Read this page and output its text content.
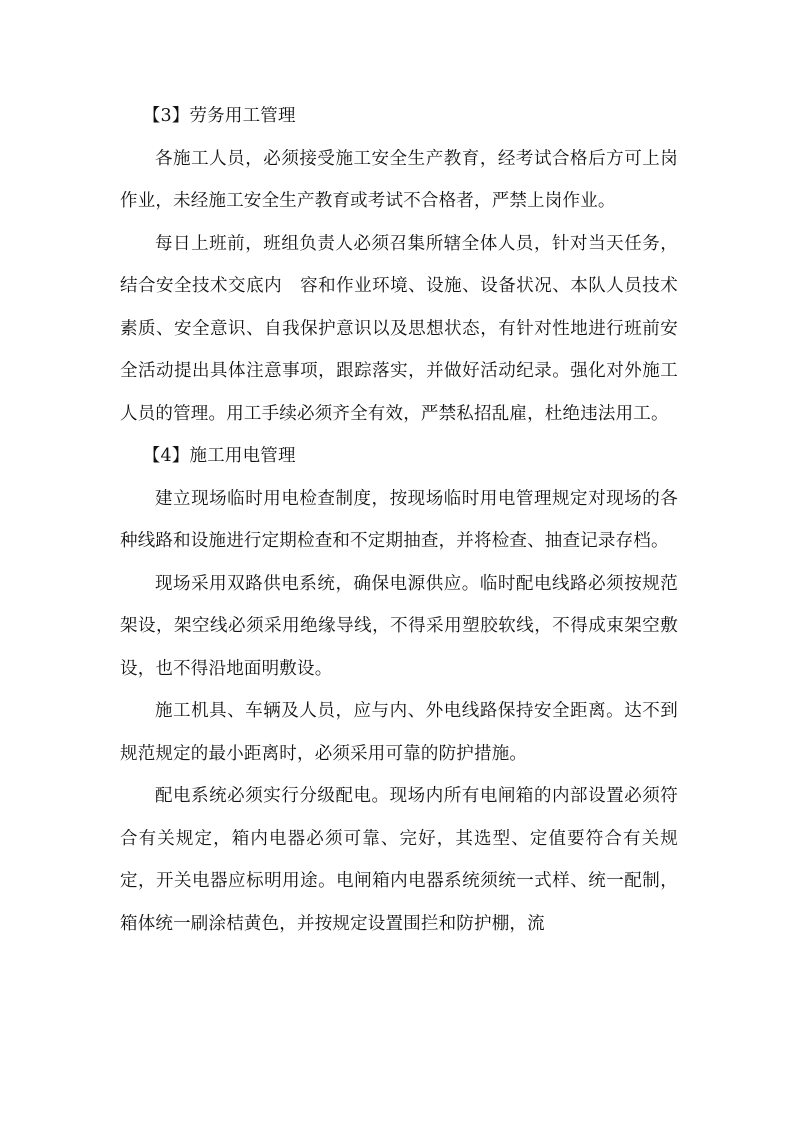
【3】劳务用工管理

各施工人员，必须接受施工安全生产教育，经考试合格后方可上岗作业，未经施工安全生产教育或考试不合格者，严禁上岗作业。

每日上班前，班组负责人必须召集所辖全体人员，针对当天任务，结合安全技术交底内　容和作业环境、设施、设备状况、本队人员技术素质、安全意识、自我保护意识以及思想状态，有针对性地进行班前安全活动提出具体注意事项，跟踪落实，并做好活动纪录。强化对外施工人员的管理。用工手续必须齐全有效，严禁私招乱雇，杜绝违法用工。

【4】施工用电管理

建立现场临时用电检查制度，按现场临时用电管理规定对现场的各种线路和设施进行定期检查和不定期抽查，并将检查、抽查记录存档。

现场采用双路供电系统，确保电源供应。临时配电线路必须按规范架设，架空线必须采用绝缘导线，不得采用塑胶软线，不得成束架空敷设，也不得沿地面明敷设。

施工机具、车辆及人员，应与内、外电线路保持安全距离。达不到规范规定的最小距离时，必须采用可靠的防护措施。

配电系统必须实行分级配电。现场内所有电闸箱的内部设置必须符合有关规定，箱内电器必须可靠、完好，其选型、定值要符合有关规定，开关电器应标明用途。电闸箱内电器系统须统一式样、统一配制，箱体统一刷涂桔黄色，并按规定设置围拦和防护棚，流
